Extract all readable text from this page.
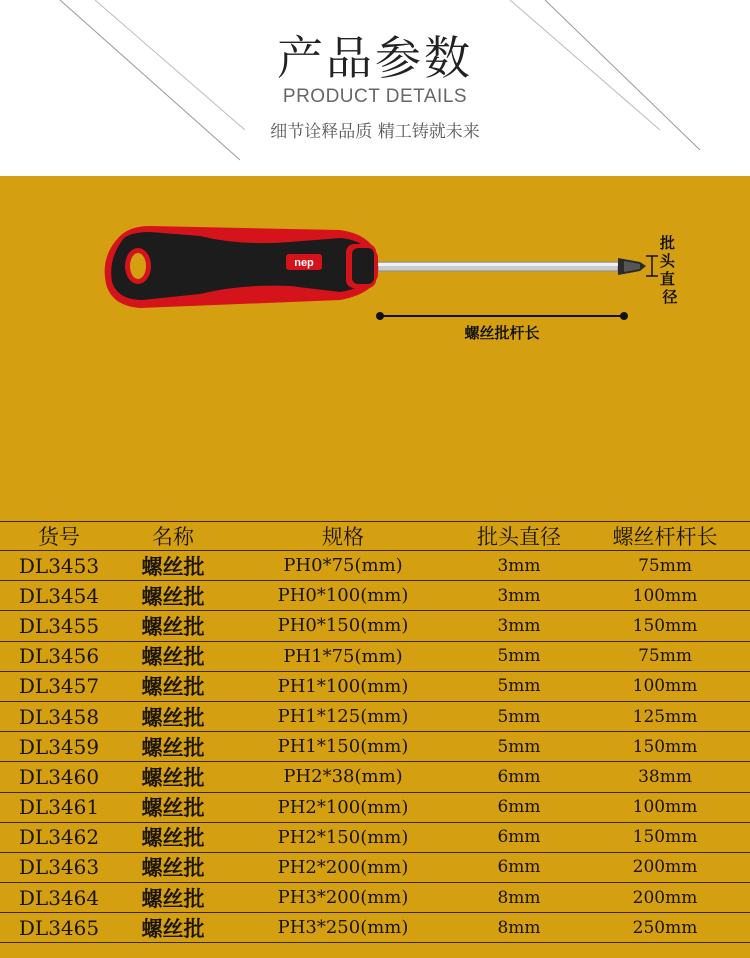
产品参数
PRODUCT DETAILS
细节诠释品质 精工铸就未来
nep
螺丝批杆长
批 头 直 径
货号	名称	规格	批头直径	螺丝杆杆长
DL3453	螺丝批	PH0*75(mm)	3mm	75mm
DL3454	螺丝批	PH0*100(mm)	3mm	100mm
DL3455	螺丝批	PH0*150(mm)	3mm	150mm
DL3456	螺丝批	PH1*75(mm)	5mm	75mm
DL3457	螺丝批	PH1*100(mm)	5mm	100mm
DL3458	螺丝批	PH1*125(mm)	5mm	125mm
DL3459	螺丝批	PH1*150(mm)	5mm	150mm
DL3460	螺丝批	PH2*38(mm)	6mm	38mm
DL3461	螺丝批	PH2*100(mm)	6mm	100mm
DL3462	螺丝批	PH2*150(mm)	6mm	150mm
DL3463	螺丝批	PH2*200(mm)	6mm	200mm
DL3464	螺丝批	PH3*200(mm)	8mm	200mm
DL3465	螺丝批	PH3*250(mm)	8mm	250mm
